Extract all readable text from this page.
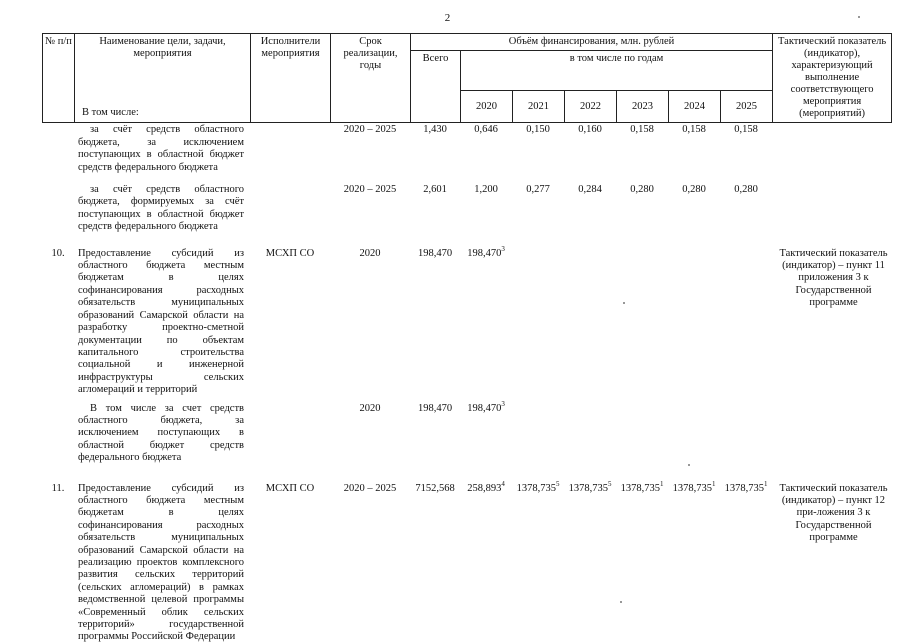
2
№ п/п	Наименование цели, задачи, мероприятия	Исполнители мероприятия	Срок реализации, годы	Объём финансирования, млн. рублей							Тактический показатель (индикатор), характеризующий выполнение соответствующего мероприятия (мероприятий)
				Всего	в том числе по годам						
					2020	2021	2022	2023	2024	2025	
	В том числе:										
	за счёт средств областного бюджета, за исключением поступающих в областной бюджет средств федерального бюджета		2020 – 2025	1,430	0,646	0,150	0,160	0,158	0,158	0,158	
	за счёт средств областного бюджета, формируемых за счёт поступающих в областной бюджет средств федерального бюджета		2020 – 2025	2,601	1,200	0,277	0,284	0,280	0,280	0,280	
10.	Предоставление субсидий из областного бюджета местным бюджетам в целях софинансирования расходных обязательств муниципальных образований Самарской области на разработку проектно-сметной документации по объектам капитального строительства социальной и инженерной инфраструктуры сельских агломераций и территорий	МСХП СО	2020	198,470	198,470$^3$						Тактический показатель (индикатор) – пункт 11 приложения 3 к Государственной программе
	В том числе за счет средств областного бюджета, за исключением поступающих в областной бюджет средств федерального бюджета		2020	198,470	198,470$^3$						
11.	Предоставление субсидий из областного бюджета местным бюджетам в целях софинансирования расходных обязательств муниципальных образований Самарской области на реализацию проектов комплексного развития сельских территорий (сельских агломераций) в рамках ведомственной целевой программы «Современный облик сельских территорий» государственной программы Российской Федерации	МСХП СО	2020 – 2025	7152,568	258,893$^4$	1378,735$^5$	1378,735$^5$	1378,735$^1$	1378,735$^1$	1378,735$^1$	Тактический показатель (индикатор) – пункт 12 при-ложения 3 к Государственной программе
